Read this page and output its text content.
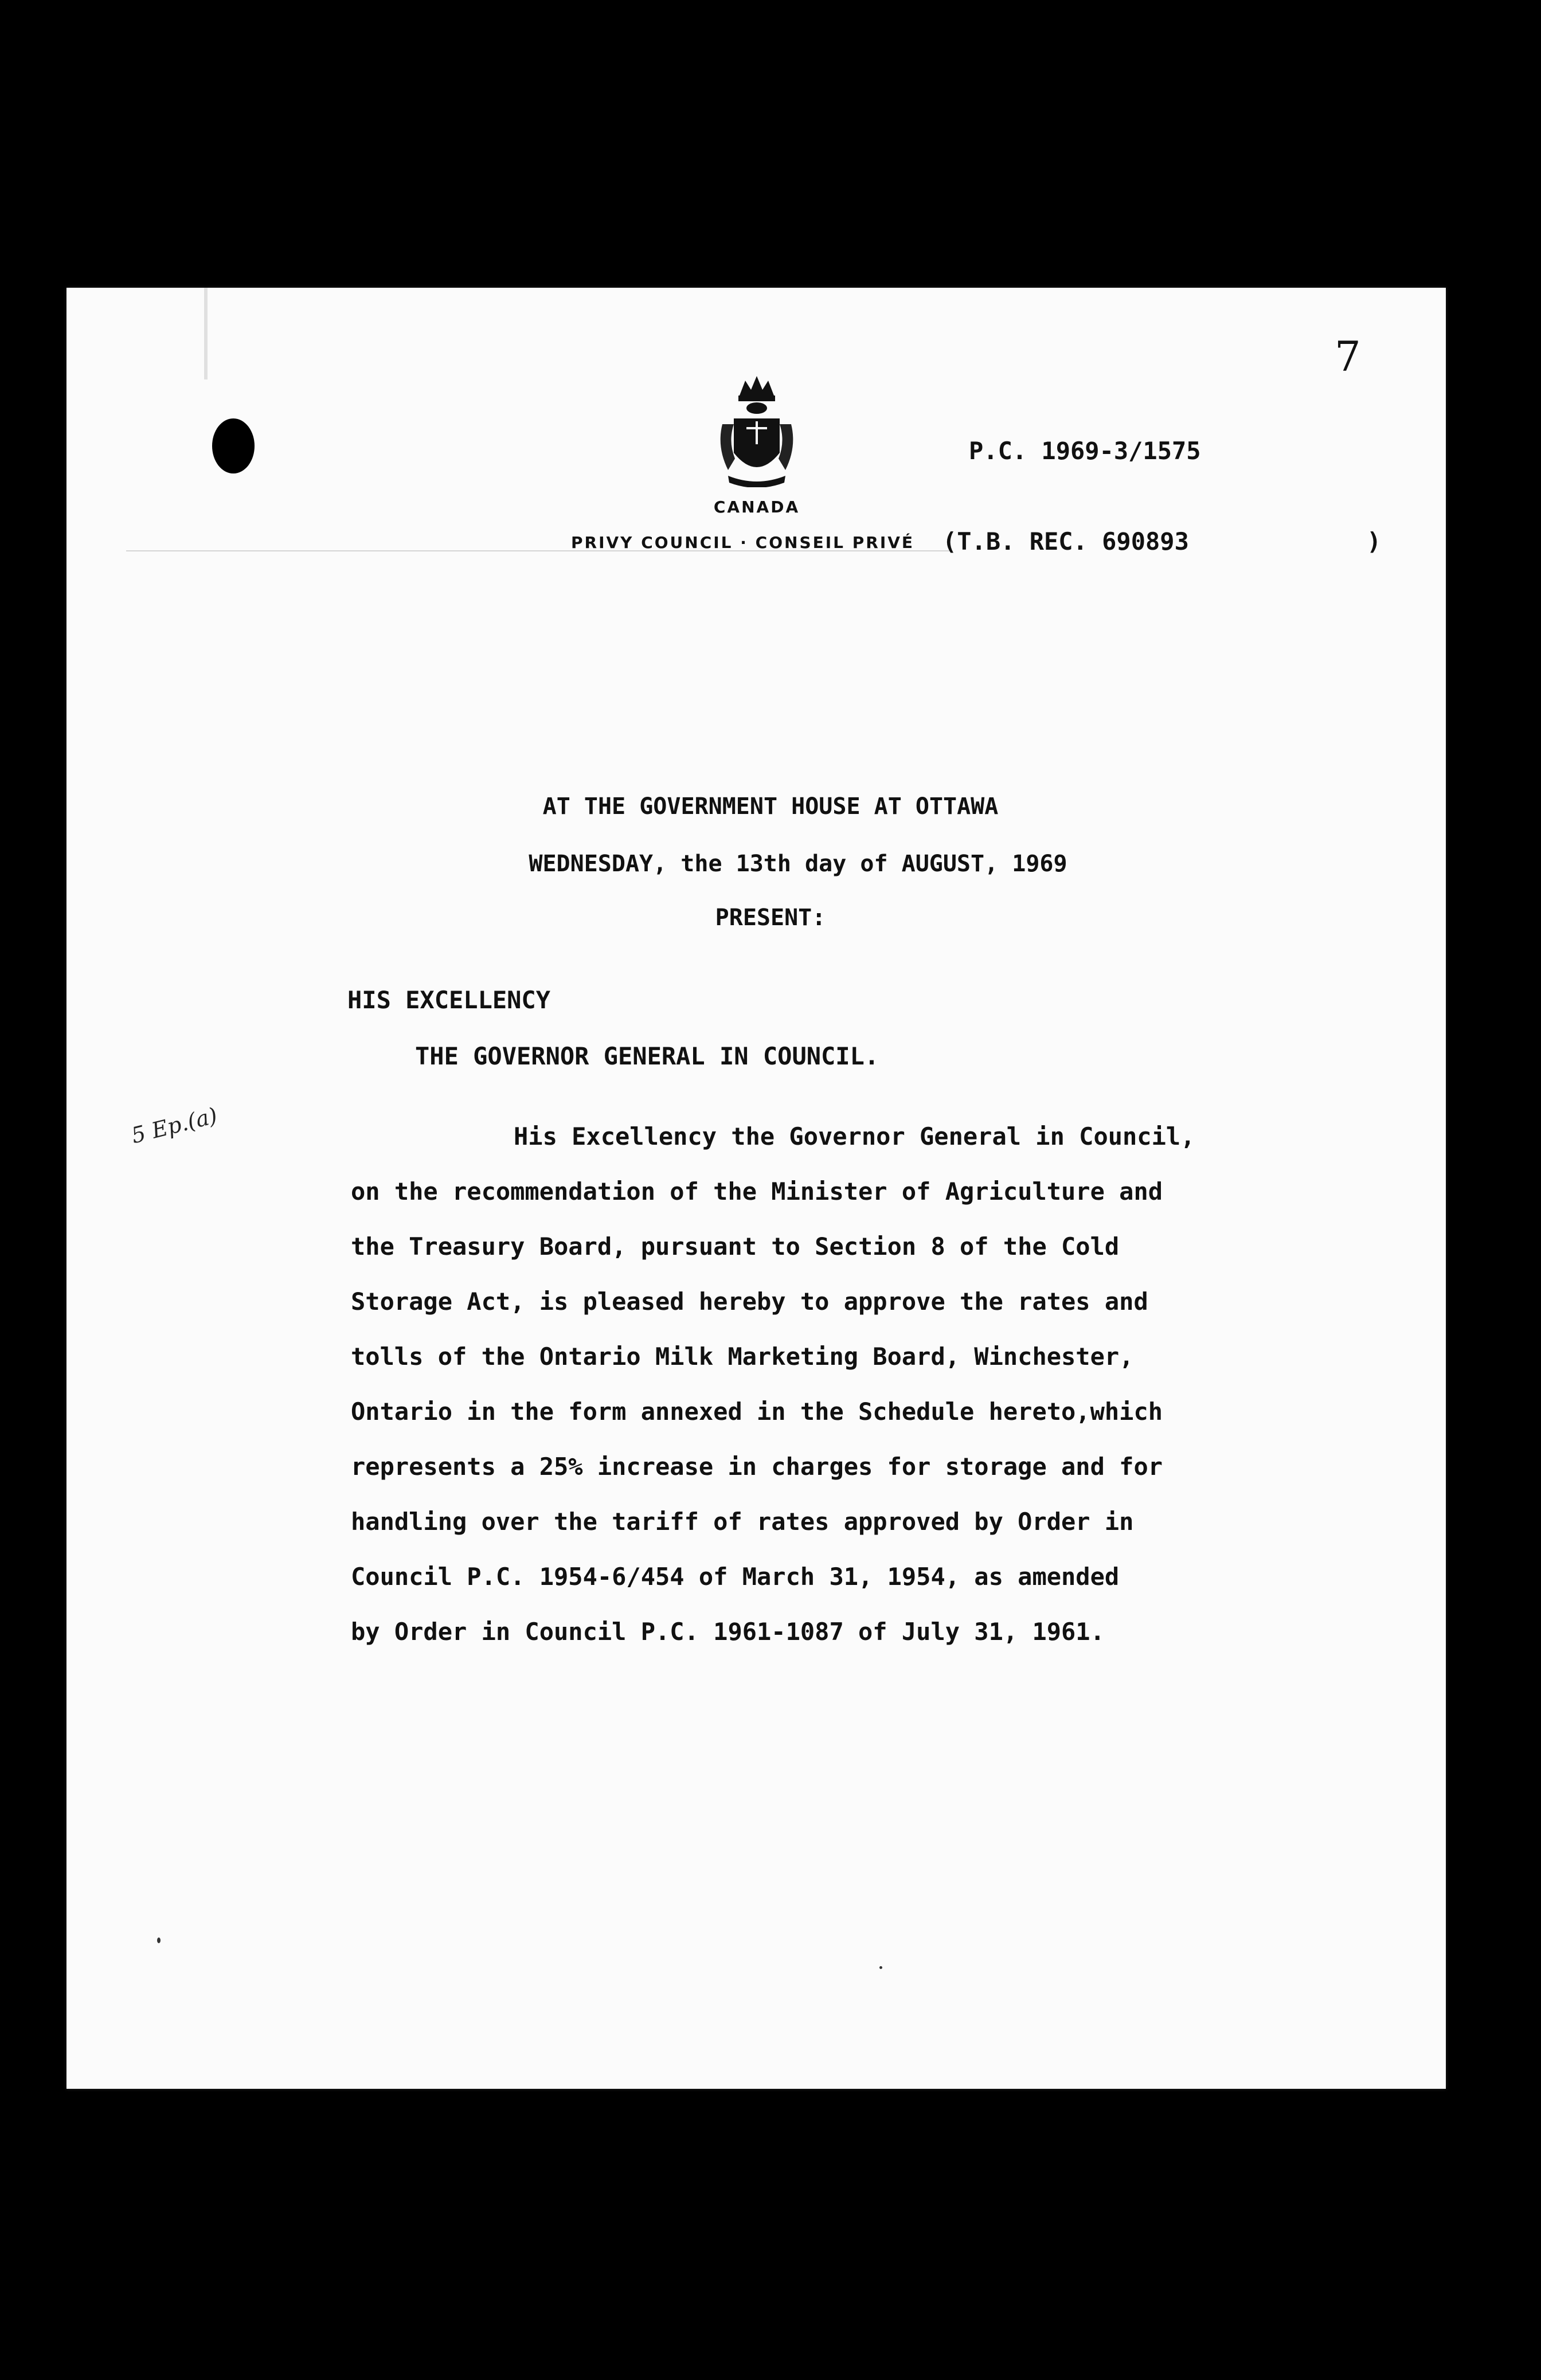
7
CANADA
PRIVY COUNCIL · CONSEIL PRIVÉ
P.C. 1969-3/1575
(T.B. REC. 690893	)
AT THE GOVERNMENT HOUSE AT OTTAWA
WEDNESDAY, the 13th day of AUGUST, 1969
PRESENT:
HIS EXCELLENCY
THE GOVERNOR GENERAL IN COUNCIL.
5 Ep.(a)	His Excellency the Governor General in Council,
on the recommendation of the Minister of Agriculture and
the Treasury Board, pursuant to Section 8 of the Cold
Storage Act, is pleased hereby to approve the rates and
tolls of the Ontario Milk Marketing Board, Winchester,
Ontario in the form annexed in the Schedule hereto,which
represents a 25% increase in charges for storage and for
handling over the tariff of rates approved by Order in
Council P.C. 1954-6/454 of March 31, 1954, as amended
by Order in Council P.C. 1961-1087 of July 31, 1961.
